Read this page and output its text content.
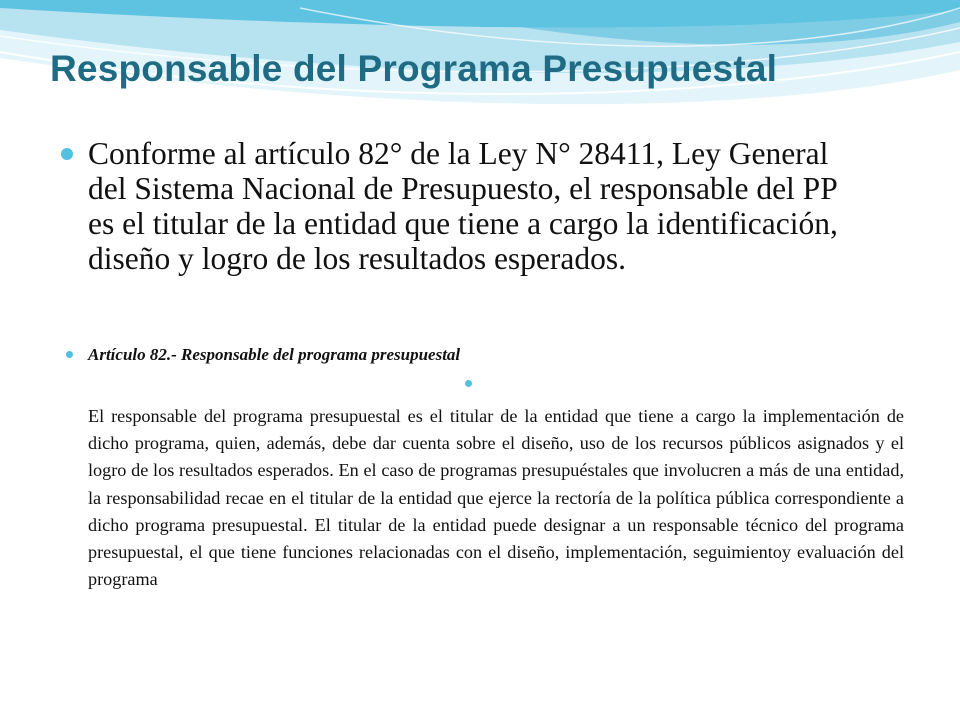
Responsable del Programa Presupuestal
Conforme al artículo 82° de la Ley N° 28411, Ley General del Sistema Nacional de Presupuesto, el responsable del PP es el titular de la entidad que tiene a cargo la identificación, diseño y logro de los resultados esperados.
Artículo 82.- Responsable del programa presupuestal
El responsable del programa presupuestal es el titular de la entidad que tiene a cargo la implementación de dicho programa, quien, además, debe dar cuenta sobre el diseño, uso de los recursos públicos asignados y el logro de los resultados esperados. En el caso de programas presupuéstales que involucren a más de una entidad, la responsabilidad recae en el titular de la entidad que ejerce la rectoría de la política pública correspondiente a dicho programa presupuestal. El titular de la entidad puede designar a un responsable técnico del programa presupuestal, el que tiene funciones relacionadas con el diseño, implementación, seguimientoy evaluación del programa
